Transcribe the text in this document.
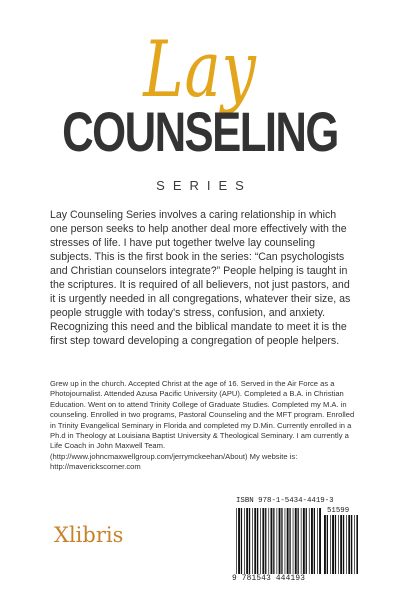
Lay
COUNSELING
SERIES

Lay Counseling Series involves a caring relationship in which one person seeks to help another deal more effectively with the stresses of life. I have put together twelve lay counseling subjects. This is the first book in the series: “Can psychologists and Christian counselors integrate?” People helping is taught in the scriptures. It is required of all believers, not just pastors, and it is urgently needed in all congregations, whatever their size, as people struggle with today's stress, confusion, and anxiety. Recognizing this need and the biblical mandate to meet it is the first step toward developing a congregation of people helpers.

Grew up in the church. Accepted Christ at the age of 16. Served in the Air Force as a Photojournalist. Attended Azusa Pacific University (APU). Completed a B.A. in Christian Education. Went on to attend Trinity College of Graduate Studies. Completed my M.A. in counseling. Enrolled in two programs, Pastoral Counseling and the MFT program. Enrolled in Trinity Evangelical Seminary in Florida and completed my D.Min. Currently enrolled in a Ph.d in Theology at Louisiana Baptist University & Theological Seminary. I am currently a Life Coach in John Maxwell Team. (http://www.johncmaxwellgroup.com/jerrymckeehan/About) My website is: http://maverickscorner.com

Xlibris
ISBN 978-1-5434-4419-3
51599
9 781543 444193
